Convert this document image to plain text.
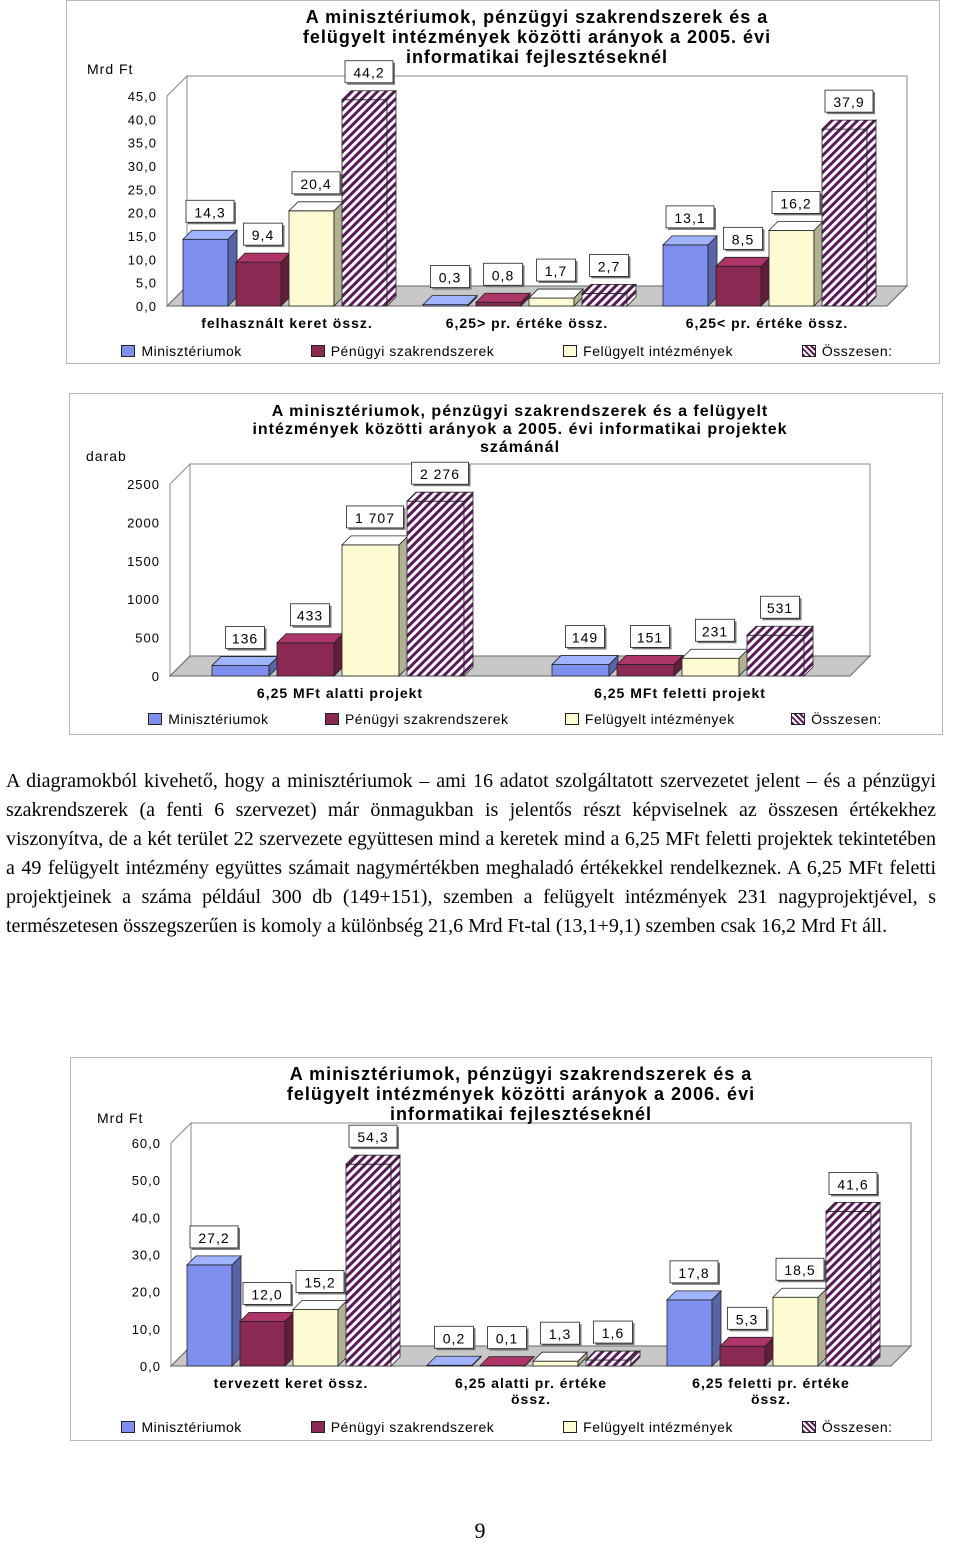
0,0
5,0
10,0
15,0
20,0
25,0
30,0
35,0
40,0
45,0
14,3
9,4
20,4
44,2
felhasznált keret össz.
0,3 0,8 1,7 2,7
6,25> pr. értéke össz.
13,1
8,5
16,2
37,9
6,25< pr. értéke össz.
A minisztériumok, pénzügyi szakrendszerek és a
felügyelt intézmények közötti arányok a 2005. évi
informatikai fejlesztéseknél
Mrd Ft
Minisztériumok	Pénügyi szakrendszerek	Felügyelt intézmények	Összesen:
0
500
1000
1500
2000
2500
136
433
1 707
2 276
6,25 MFt alatti projekt
149	151	231
531
6,25 MFt feletti projekt
A minisztériumok, pénzügyi szakrendszerek és a felügyelt
intézmények közötti arányok a 2005. évi informatikai projektek
számánál
darab
Minisztériumok	Pénügyi szakrendszerek	Felügyelt intézmények	Összesen:
A diagramokból kivehető, hogy a minisztériumok – ami 16 adatot szolgáltatott szervezetet jelent – és a pénzügyi szakrendszerek (a fenti 6 szervezet) már önmagukban is jelentős részt képviselnek az összesen értékekhez viszonyítva, de a két terület 22 szervezete együttesen mind a keretek mind a 6,25 MFt feletti projektek tekintetében a 49 felügyelt intézmény együttes számait nagymértékben meghaladó értékekkel rendelkeznek. A 6,25 MFt feletti projektjeinek a száma például 300 db (149+151), szemben a felügyelt intézmények 231 nagyprojektjével, s természetesen összegszerűen is komoly a különbség 21,6 Mrd Ft-tal (13,1+9,1) szemben csak 16,2 Mrd Ft áll.
0,0
10,0
20,0
30,0
40,0
50,0
60,0
27,2
12,0
15,2
54,3
tervezett keret össz.
0,2 0,1 1,3 1,6
6,25 alatti pr. értéke
össz.
17,8
5,3
18,5
41,6
6,25 feletti pr. értéke
össz.
A minisztériumok, pénzügyi szakrendszerek és a
felügyelt intézmények közötti arányok a 2006. évi
informatikai fejlesztéseknél
Mrd Ft
Minisztériumok	Pénügyi szakrendszerek	Felügyelt intézmények	Összesen:
9
